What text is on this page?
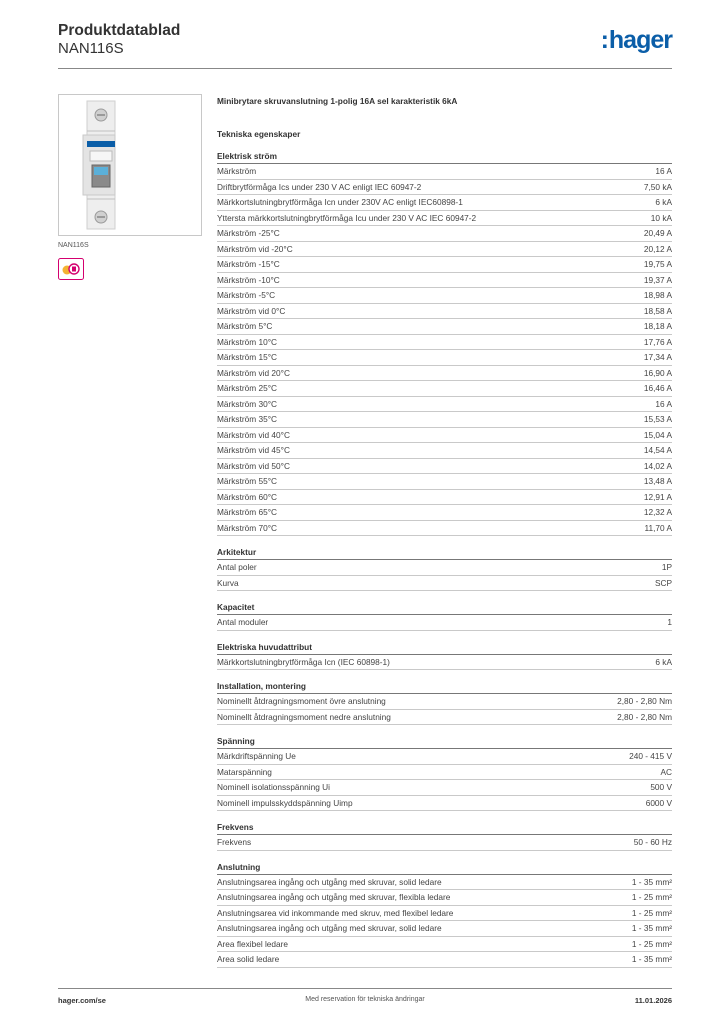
Produktdatablad
NAN116S	:hager
NAN116S
Minibrytare skruvanslutning 1-polig 16A sel karakteristik 6kA
Tekniska egenskaper
Elektrisk ström
Märkström	16 A
Driftbrytförmåga Ics under 230 V AC enligt IEC 60947-2	7,50 kA
Märkkortslutningbrytförmåga Icn under 230V AC enligt IEC60898-1	6 kA
Yttersta märkkortslutningbrytförmåga Icu under 230 V AC IEC 60947-2	10 kA
Märkström -25°C	20,49 A
Märkström vid -20°C	20,12 A
Märkström -15°C	19,75 A
Märkström -10°C	19,37 A
Märkström -5°C	18,98 A
Märkström vid 0°C	18,58 A
Märkström 5°C	18,18 A
Märkström 10°C	17,76 A
Märkström 15°C	17,34 A
Märkström vid 20°C	16,90 A
Märkström 25°C	16,46 A
Märkström 30°C	16 A
Märkström 35°C	15,53 A
Märkström vid 40°C	15,04 A
Märkström vid 45°C	14,54 A
Märkström vid 50°C	14,02 A
Märkström 55°C	13,48 A
Märkström 60°C	12,91 A
Märkström 65°C	12,32 A
Märkström 70°C	11,70 A
Arkitektur
Antal poler	1P
Kurva	SCP
Kapacitet
Antal moduler	1
Elektriska huvudattribut
Märkkortslutningbrytförmåga Icn (IEC 60898-1)	6 kA
Installation, montering
Nominellt åtdragningsmoment övre anslutning	2,80 - 2,80 Nm
Nominellt åtdragningsmoment nedre anslutning	2,80 - 2,80 Nm
Spänning
Märkdriftspänning Ue	240 - 415 V
Matarspänning	AC
Nominell isolationsspänning Ui	500 V
Nominell impulsskyddspänning Uimp	6000 V
Frekvens
Frekvens	50 - 60 Hz
Anslutning
Anslutningsarea ingång och utgång med skruvar, solid ledare	1 - 35 mm²
Anslutningsarea ingång och utgång med skruvar, flexibla ledare	1 - 25 mm²
Anslutningsarea vid inkommande med skruv, med flexibel ledare	1 - 25 mm²
Anslutningsarea ingång och utgång med skruvar, solid ledare	1 - 35 mm²
Area flexibel ledare	1 - 25 mm²
Area solid ledare	1 - 35 mm²
hager.com/se	Med reservation för tekniska ändringar	11.01.2026
